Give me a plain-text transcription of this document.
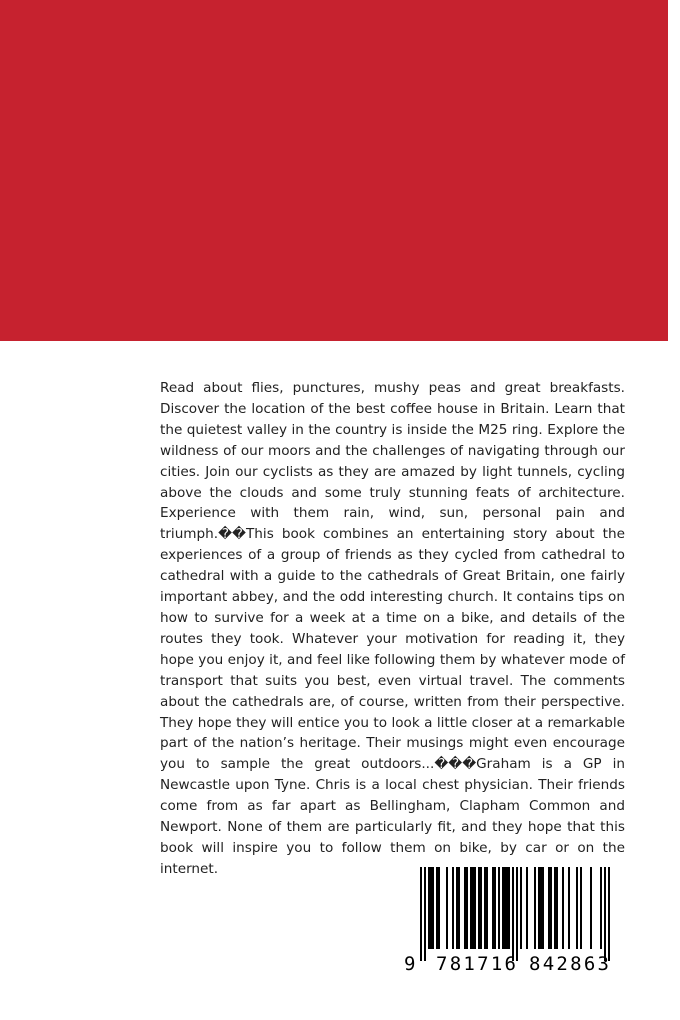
Read about flies, punctures, mushy peas and great breakfasts. Discover the location of the best coffee house in Britain. Learn that the quietest valley in the country is inside the M25 ring. Explore the wildness of our moors and the challenges of navigating through our cities. Join our cyclists as they are amazed by light tunnels, cycling above the clouds and some truly stunning feats of architecture. Experience with them rain, wind, sun, personal pain and triumph.��This book combines an entertaining story about the experiences of a group of friends as they cycled from cathedral to cathedral with a guide to the cathedrals of Great Britain, one fairly important abbey, and the odd interesting church. It contains tips on how to survive for a week at a time on a bike, and details of the routes they took. Whatever your motivation for reading it, they hope you enjoy it, and feel like following them by whatever mode of transport that suits you best, even virtual travel. The comments about the cathedrals are, of course, written from their perspective. They hope they will entice you to look a little closer at a remarkable part of the nation’s heritage. Their musings might even encourage you to sample the great outdoors...���Graham is a GP in Newcastle upon Tyne. Chris is a local chest physician. Their friends come from as far apart as Bellingham, Clapham Common and Newport. None of them are particularly fit, and they hope that this book will inspire you to follow them on bike, by car or on the internet.

9 781716 842863
